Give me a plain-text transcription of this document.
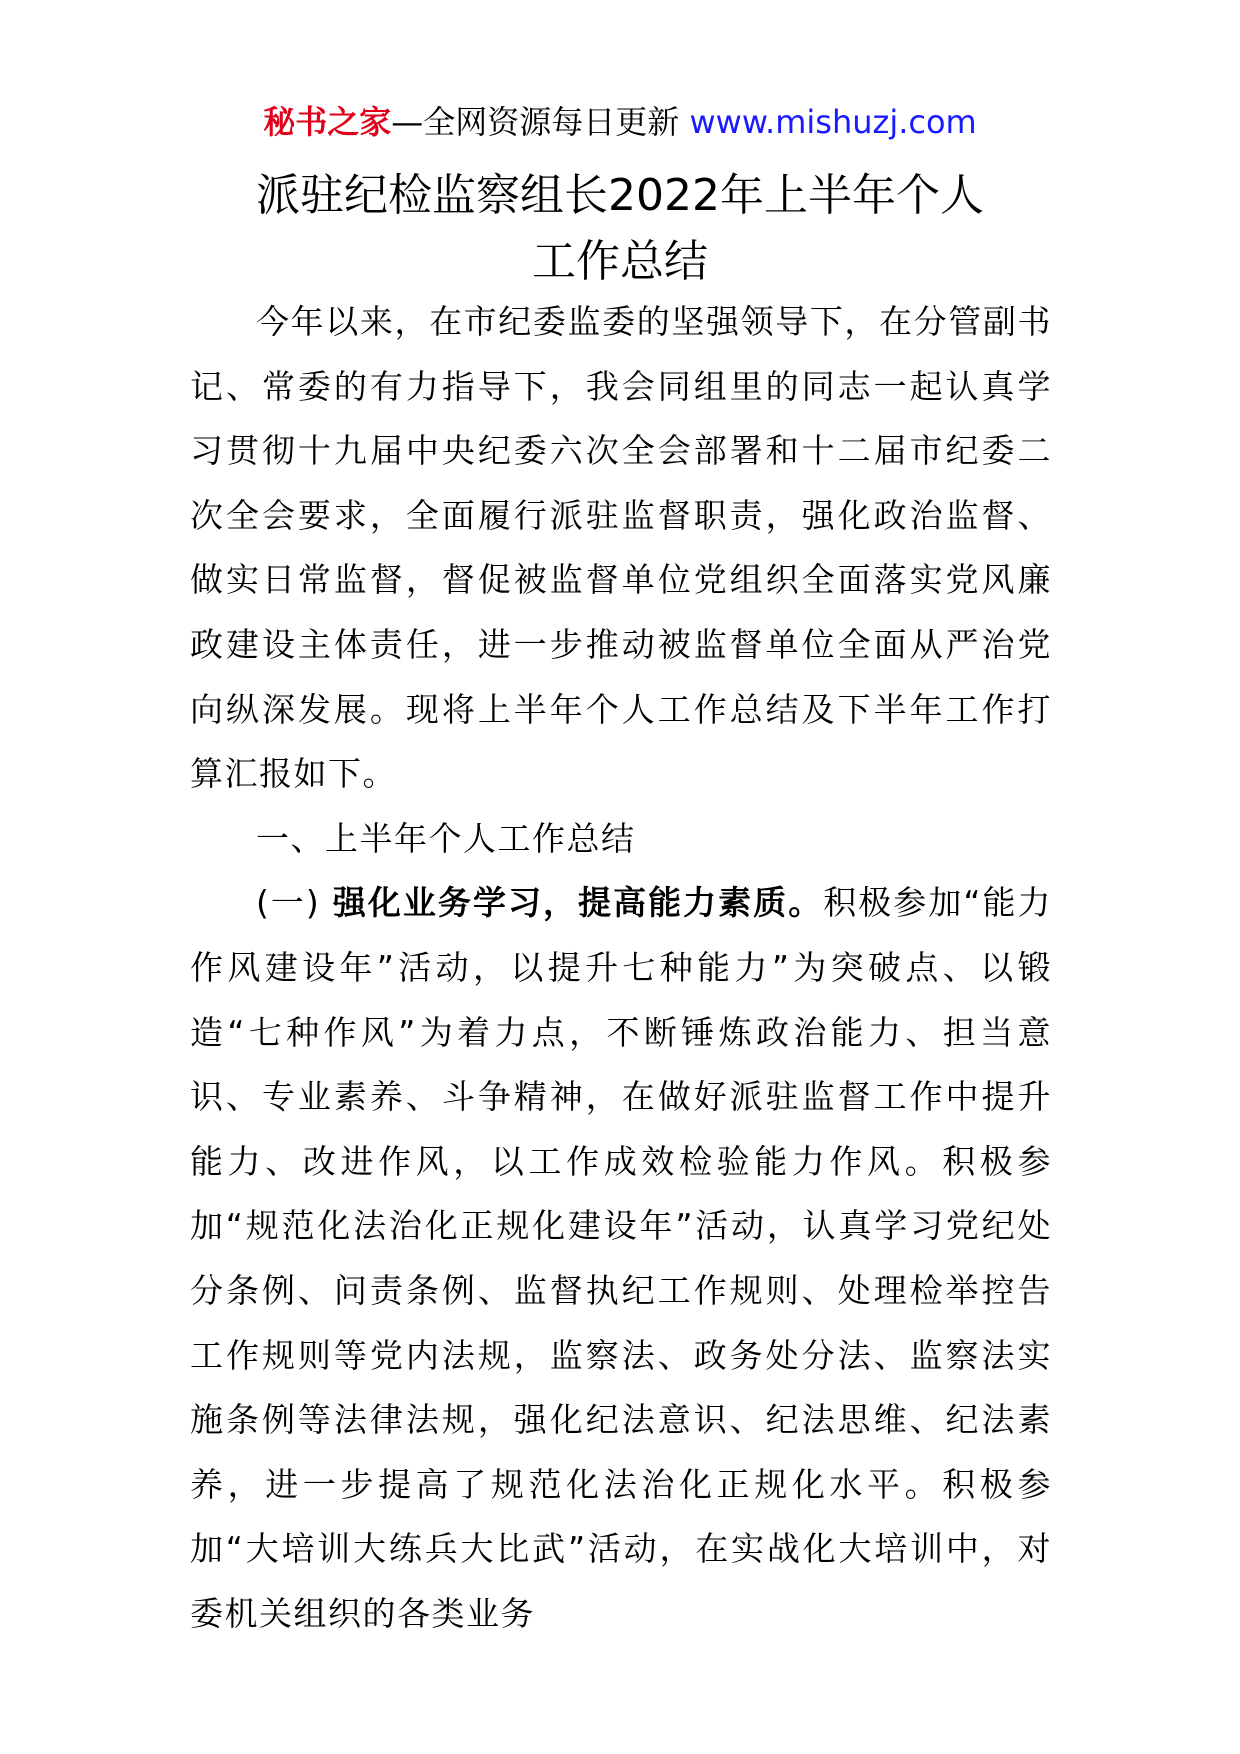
秘书之家—全网资源每日更新 www.mishuzj.com
派驻纪检监察组长2022年上半年个人
工作总结

今年以来，在市纪委监委的坚强领导下，在分管副书记、常委的有力指导下，我会同组里的同志一起认真学习贯彻十九届中央纪委六次全会部署和十二届市纪委二次全会要求，全面履行派驻监督职责，强化政治监督、做实日常监督，督促被监督单位党组织全面落实党风廉政建设主体责任，进一步推动被监督单位全面从严治党向纵深发展。现将上半年个人工作总结及下半年工作打算汇报如下。

一、上半年个人工作总结

(一) 强化业务学习，提高能力素质。积极参加“能力作风建设年”活动，以提升七种能力”为突破点、以锻造“七种作风”为着力点，不断锤炼政治能力、担当意识、专业素养、斗争精神，在做好派驻监督工作中提升能力、改进作风，以工作成效检验能力作风。积极参加“规范化法治化正规化建设年”活动，认真学习党纪处分条例、问责条例、监督执纪工作规则、处理检举控告工作规则等党内法规，监察法、政务处分法、监察法实施条例等法律法规，强化纪法意识、纪法思维、纪法素养，进一步提高了规范化法治化正规化水平。积极参加“大培训大练兵大比武”活动，在实战化大培训中，对委机关组织的各类业务
